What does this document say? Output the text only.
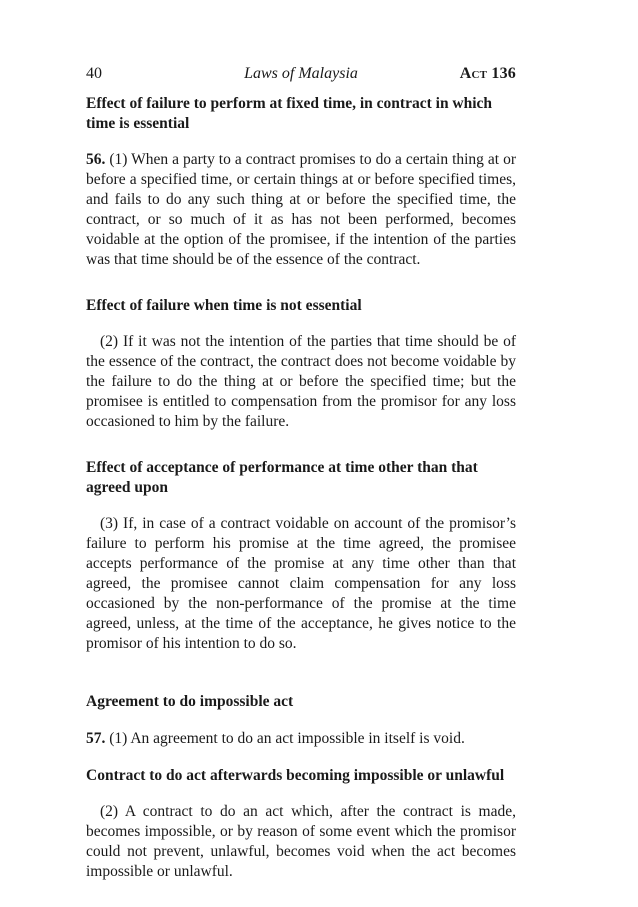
40	Laws of Malaysia	Act 136

Effect of failure to perform at fixed time, in contract in which time is essential

56. (1) When a party to a contract promises to do a certain thing at or before a specified time, or certain things at or before specified times, and fails to do any such thing at or before the specified time, the contract, or so much of it as has not been performed, becomes voidable at the option of the promisee, if the intention of the parties was that time should be of the essence of the contract.

Effect of failure when time is not essential

(2) If it was not the intention of the parties that time should be of the essence of the contract, the contract does not become voidable by the failure to do the thing at or before the specified time; but the promisee is entitled to compensation from the promisor for any loss occasioned to him by the failure.

Effect of acceptance of performance at time other than that agreed upon

(3) If, in case of a contract voidable on account of the promisor’s failure to perform his promise at the time agreed, the promisee accepts performance of the promise at any time other than that agreed, the promisee cannot claim compensation for any loss occasioned by the non-performance of the promise at the time agreed, unless, at the time of the acceptance, he gives notice to the promisor of his intention to do so.

Agreement to do impossible act

57. (1) An agreement to do an act impossible in itself is void.

Contract to do act afterwards becoming impossible or unlawful

(2) A contract to do an act which, after the contract is made, becomes impossible, or by reason of some event which the promisor could not prevent, unlawful, becomes void when the act becomes impossible or unlawful.
